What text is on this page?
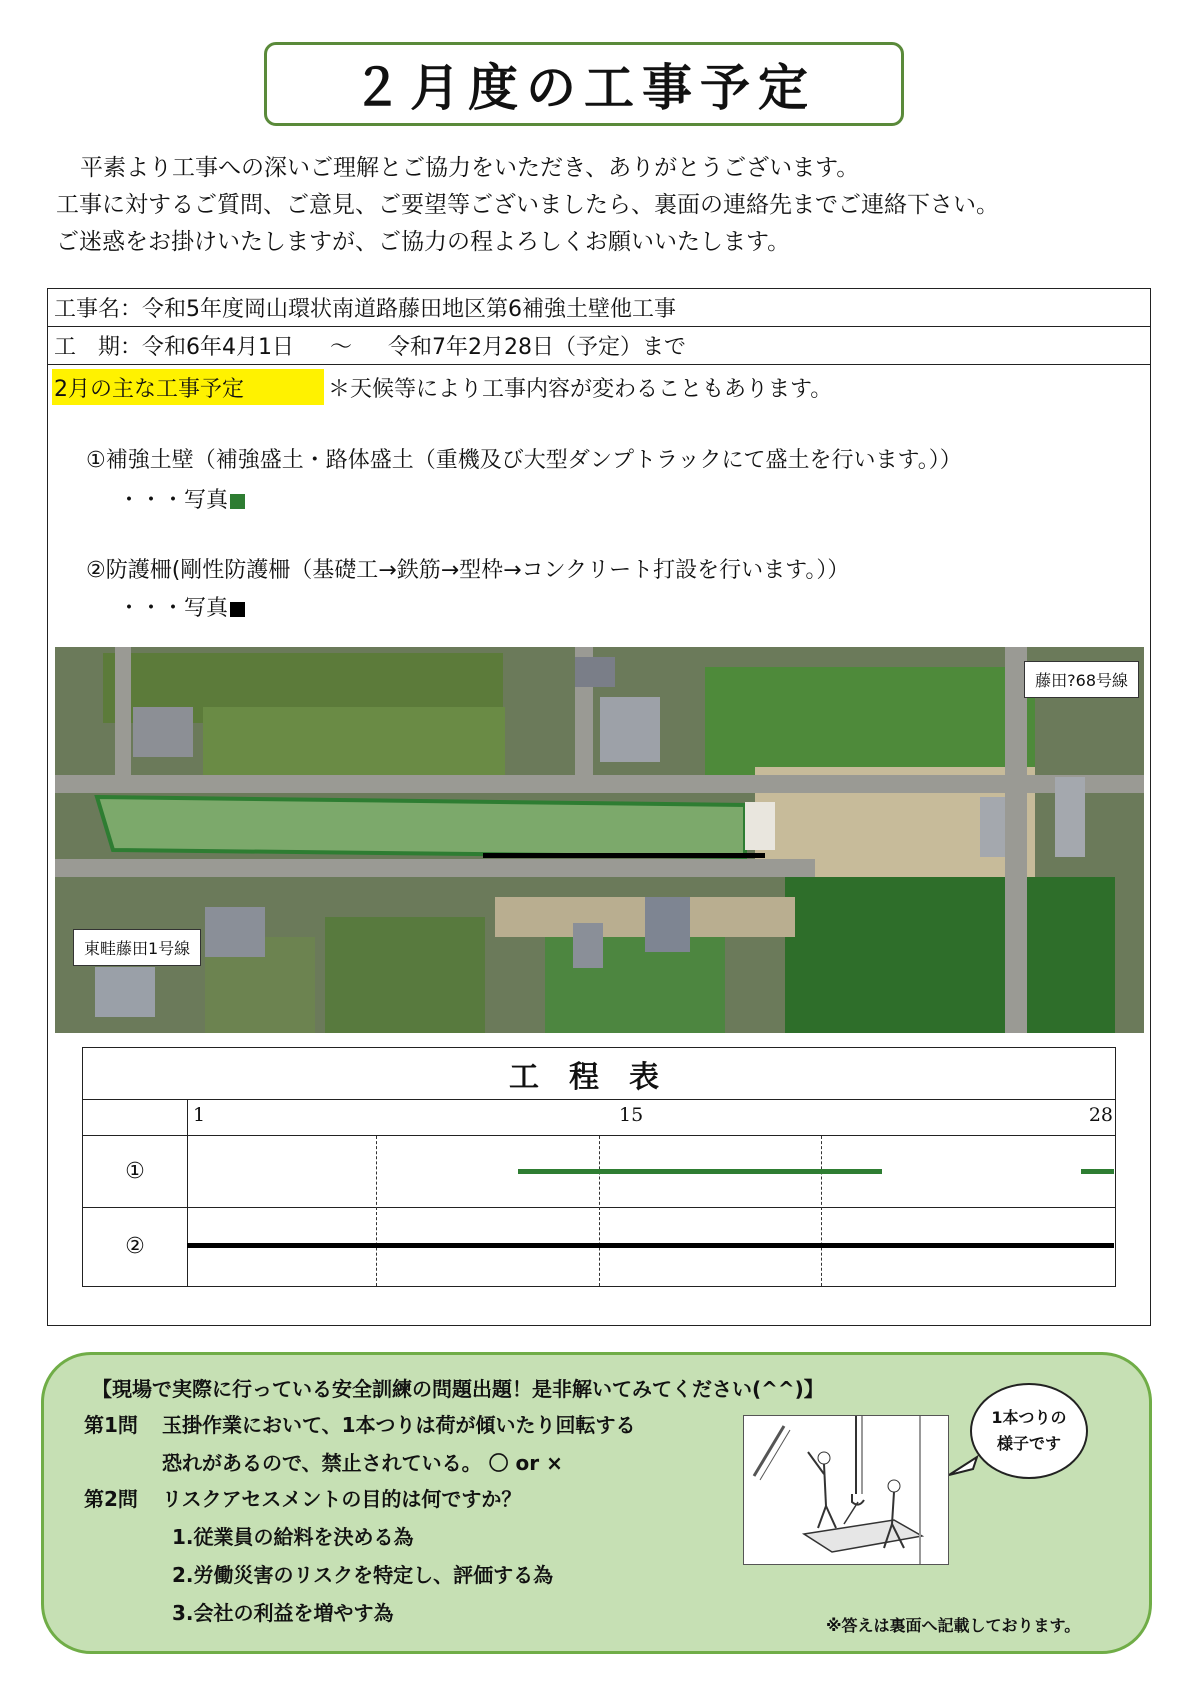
２月度の工事予定
平素より工事への深いご理解とご協力をいただき、ありがとうございます。
工事に対するご質問、ご意見、ご要望等ございましたら、裏面の連絡先までご連絡下さい。
ご迷惑をお掛けいたしますが、ご協力の程よろしくお願いいたします。
工事名：令和5年度岡山環状南道路藤田地区第6補強土壁他工事
工　期：令和6年4月1日 ～ 令和7年2月28日（予定）まで
2月の主な工事予定	＊天候等により工事内容が変わることもあります。
①補強土壁（補強盛土・路体盛土（重機及び大型ダンプトラックにて盛土を行います。））
・・・写真
②防護柵(剛性防護柵（基礎工→鉄筋→型枠→コンクリート打設を行います。））
・・・写真
藤田?68号線
東畦藤田1号線
工程表
1	15	28
①
②
【現場で実際に行っている安全訓練の問題出題！是非解いてみてください(^^)】
第1問 玉掛作業において、1本つりは荷が傾いたり回転する
恐れがあるので、禁止されている。 〇 or ×
第2問 リスクアセスメントの目的は何ですか？
1.従業員の給料を決める為
2.労働災害のリスクを特定し、評価する為
3.会社の利益を増やす為
1本つりの
様子です
※答えは裏面へ記載しております。
